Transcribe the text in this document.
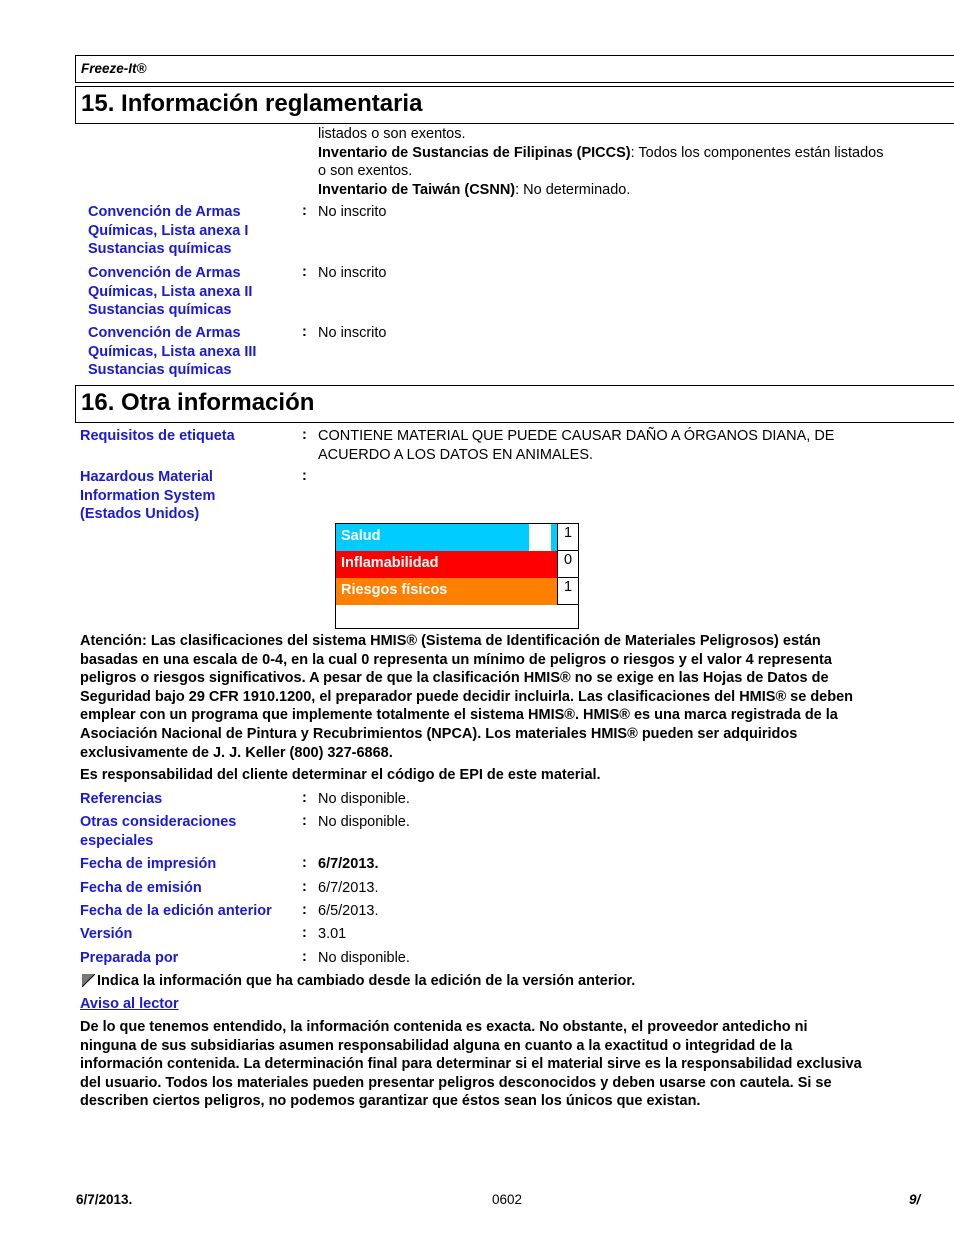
Freeze-It®
15. Información reglamentaria
listados o son exentos.
Inventario de Sustancias de Filipinas (PICCS): Todos los componentes están listados
o son exentos.
Inventario de Taiwán (CSNN): No determinado.
Convención de Armas
Químicas, Lista anexa I
Sustancias químicas
: No inscrito
Convención de Armas
Químicas, Lista anexa II
Sustancias químicas
: No inscrito
Convención de Armas
Químicas, Lista anexa III
Sustancias químicas
: No inscrito
16. Otra información
Requisitos de etiqueta	: CONTIENE MATERIAL QUE PUEDE CAUSAR DAÑO A ÓRGANOS DIANA, DE
ACUERDO A LOS DATOS EN ANIMALES.
Hazardous Material
Information System
(Estados Unidos)
:
Salud	1
Inflamabilidad	0
Riesgos físicos	1
Atención: Las clasificaciones del sistema HMIS® (Sistema de Identificación de Materiales Peligrosos) están
basadas en una escala de 0-4, en la cual 0 representa un mínimo de peligros o riesgos y el valor 4 representa
peligros o riesgos significativos. A pesar de que la clasificación HMIS® no se exige en las Hojas de Datos de
Seguridad bajo 29 CFR 1910.1200, el preparador puede decidir incluirla. Las clasificaciones del HMIS® se deben
emplear con un programa que implemente totalmente el sistema HMIS®. HMIS® es una marca registrada de la
Asociación Nacional de Pintura y Recubrimientos (NPCA). Los materiales HMIS® pueden ser adquiridos
exclusivamente de J. J. Keller (800) 327-6868.
Es responsabilidad del cliente determinar el código de EPI de este material.
Referencias	: No disponible.
Otras consideraciones
especiales
: No disponible.
Fecha de impresión	: 6/7/2013.
Fecha de emisión	: 6/7/2013.
Fecha de la edición anterior : 6/5/2013.
Versión	: 3.01
Preparada por	: No disponible.
Indica la información que ha cambiado desde la edición de la versión anterior.
Aviso al lector
De lo que tenemos entendido, la información contenida es exacta. No obstante, el proveedor antedicho ni
ninguna de sus subsidiarias asumen responsabilidad alguna en cuanto a la exactitud o integridad de la
información contenida. La determinación final para determinar si el material sirve es la responsabilidad exclusiva
del usuario. Todos los materiales pueden presentar peligros desconocidos y deben usarse con cautela. Si se
describen ciertos peligros, no podemos garantizar que éstos sean los únicos que existan.
6/7/2013.	0602	9/
